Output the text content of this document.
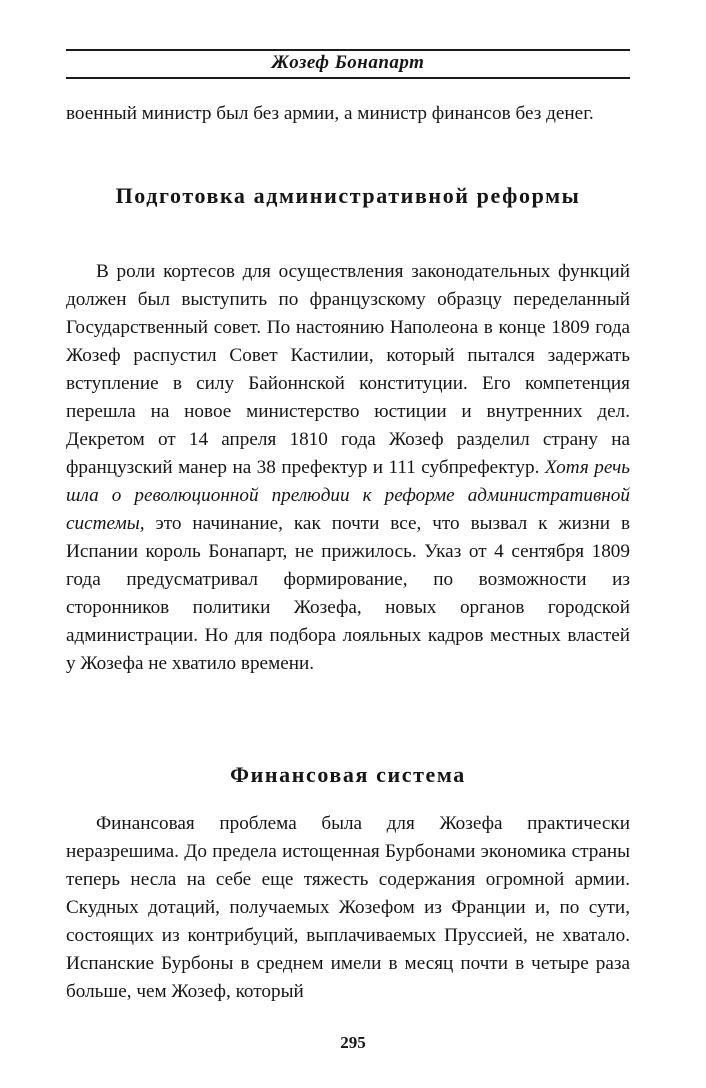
Жозеф Бонапарт

военный министр был без армии, а министр финансов без денег.

Подготовка административной реформы

В роли кортесов для осуществления законодательных функций должен был выступить по французскому образцу переделанный Государственный совет. По настоянию Наполеона в конце 1809 года Жозеф распустил Совет Кастилии, который пытался задержать вступление в силу Байоннской конституции. Его компетенция перешла на новое министерство юстиции и внутренних дел. Декретом от 14 апреля 1810 года Жозеф разделил страну на французский манер на 38 префектур и 111 субпрефектур. Хотя речь шла о революционной прелюдии к реформе административной системы, это начинание, как почти все, что вызвал к жизни в Испании король Бонапарт, не прижилось. Указ от 4 сентября 1809 года предусматривал формирование, по возможности из сторонников политики Жозефа, новых органов городской администрации. Но для подбора лояльных кадров местных властей у Жозефа не хватило времени.

Финансовая система

Финансовая проблема была для Жозефа практически неразрешима. До предела истощенная Бурбонами экономика страны теперь несла на себе еще тяжесть содержания огромной армии. Скудных дотаций, получаемых Жозефом из Франции и, по сути, состоящих из контрибуций, выплачиваемых Пруссией, не хватало. Испанские Бурбоны в среднем имели в месяц почти в четыре раза больше, чем Жозеф, который

295
